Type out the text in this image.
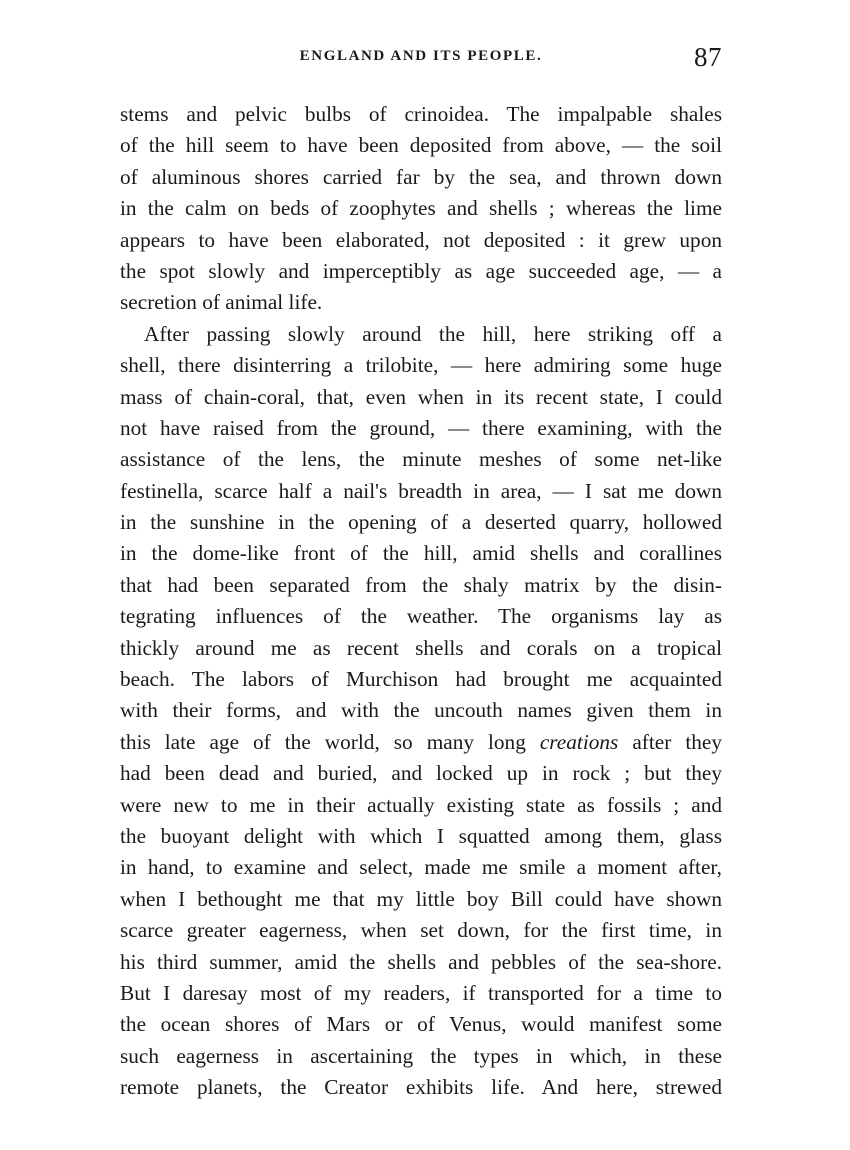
ENGLAND AND ITS PEOPLE.	87
stems and pelvic bulbs of crinoidea. The impalpable shales
of the hill seem to have been deposited from above, — the soil
of aluminous shores carried far by the sea, and thrown down
in the calm on beds of zoophytes and shells ; whereas the lime
appears to have been elaborated, not deposited : it grew upon
the spot slowly and imperceptibly as age succeeded age, — a
secretion of animal life.
After passing slowly around the hill, here striking off a
shell, there disinterring a trilobite, — here admiring some huge
mass of chain-coral, that, even when in its recent state, I could
not have raised from the ground, — there examining, with the
assistance of the lens, the minute meshes of some net-like
festinella, scarce half a nail's breadth in area, — I sat me down
in the sunshine in the opening of a deserted quarry, hollowed
in the dome-like front of the hill, amid shells and corallines
that had been separated from the shaly matrix by the disin-
tegrating influences of the weather. The organisms lay as
thickly around me as recent shells and corals on a tropical
beach. The labors of Murchison had brought me acquainted
with their forms, and with the uncouth names given them in
this late age of the world, so many long creations after they
had been dead and buried, and locked up in rock ; but they
were new to me in their actually existing state as fossils ; and
the buoyant delight with which I squatted among them, glass
in hand, to examine and select, made me smile a moment after,
when I bethought me that my little boy Bill could have shown
scarce greater eagerness, when set down, for the first time, in
his third summer, amid the shells and pebbles of the sea-shore.
But I daresay most of my readers, if transported for a time to
the ocean shores of Mars or of Venus, would manifest some
such eagerness in ascertaining the types in which, in these
remote planets, the Creator exhibits life. And here, strewed
